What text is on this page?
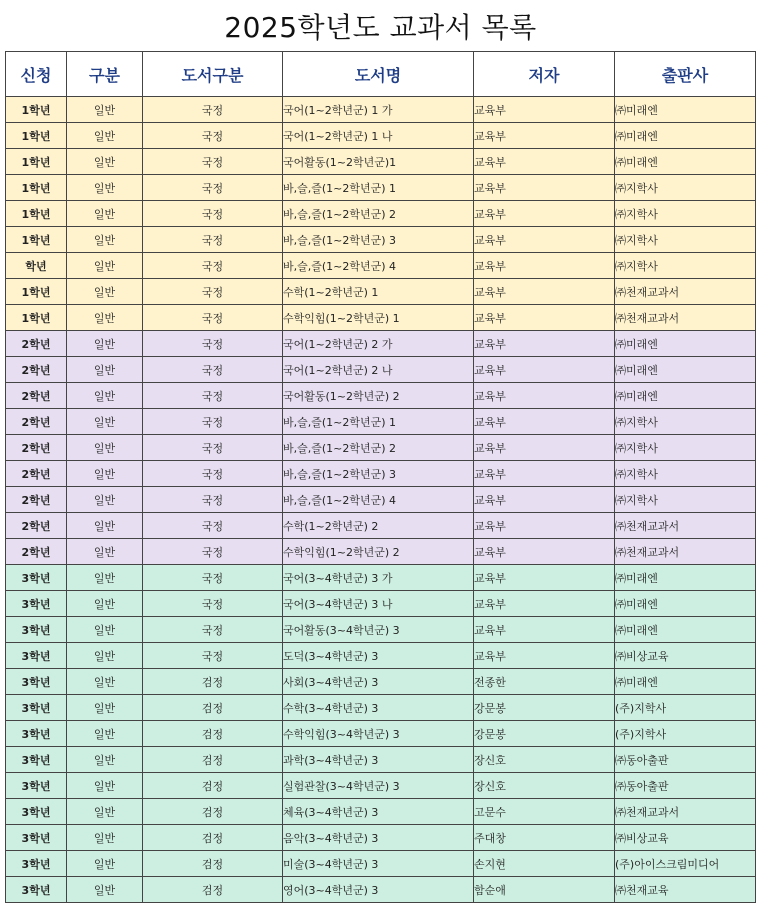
2025학년도 교과서 목록
신청	구분	도서구분	도서명	저자	출판사
1학년	일반	국정	국어(1~2학년군) 1 가	교육부	㈜미래엔
1학년	일반	국정	국어(1~2학년군) 1 나	교육부	㈜미래엔
1학년	일반	국정	국어활동(1~2학년군)1	교육부	㈜미래엔
1학년	일반	국정	바,슬,즐(1~2학년군) 1	교육부	㈜지학사
1학년	일반	국정	바,슬,즐(1~2학년군) 2	교육부	㈜지학사
1학년	일반	국정	바,슬,즐(1~2학년군) 3	교육부	㈜지학사
학년	일반	국정	바,슬,즐(1~2학년군) 4	교육부	㈜지학사
1학년	일반	국정	수학(1~2학년군) 1	교육부	㈜천재교과서
1학년	일반	국정	수학익힘(1~2학년군) 1	교육부	㈜천재교과서
2학년	일반	국정	국어(1~2학년군) 2 가	교육부	㈜미래엔
2학년	일반	국정	국어(1~2학년군) 2 나	교육부	㈜미래엔
2학년	일반	국정	국어활동(1~2학년군) 2	교육부	㈜미래엔
2학년	일반	국정	바,슬,즐(1~2학년군) 1	교육부	㈜지학사
2학년	일반	국정	바,슬,즐(1~2학년군) 2	교육부	㈜지학사
2학년	일반	국정	바,슬,즐(1~2학년군) 3	교육부	㈜지학사
2학년	일반	국정	바,슬,즐(1~2학년군) 4	교육부	㈜지학사
2학년	일반	국정	수학(1~2학년군) 2	교육부	㈜천재교과서
2학년	일반	국정	수학익힘(1~2학년군) 2	교육부	㈜천재교과서
3학년	일반	국정	국어(3~4학년군) 3 가	교육부	㈜미래엔
3학년	일반	국정	국어(3~4학년군) 3 나	교육부	㈜미래엔
3학년	일반	국정	국어활동(3~4학년군) 3	교육부	㈜미래엔
3학년	일반	국정	도덕(3~4학년군) 3	교육부	㈜비상교육
3학년	일반	검정	사회(3~4학년군) 3	전종한	㈜미래엔
3학년	일반	검정	수학(3~4학년군) 3	강문봉	(주)지학사
3학년	일반	검정	수학익힘(3~4학년군) 3	강문봉	(주)지학사
3학년	일반	검정	과학(3~4학년군) 3	장신호	㈜동아출판
3학년	일반	검정	실험관찰(3~4학년군) 3	장신호	㈜동아출판
3학년	일반	검정	체육(3~4학년군) 3	고문수	㈜천재교과서
3학년	일반	검정	음악(3~4학년군) 3	주대창	㈜비상교육
3학년	일반	검정	미술(3~4학년군) 3	손지현	(주)아이스크림미디어
3학년	일반	검정	영어(3~4학년군) 3	함순애	㈜천재교육
